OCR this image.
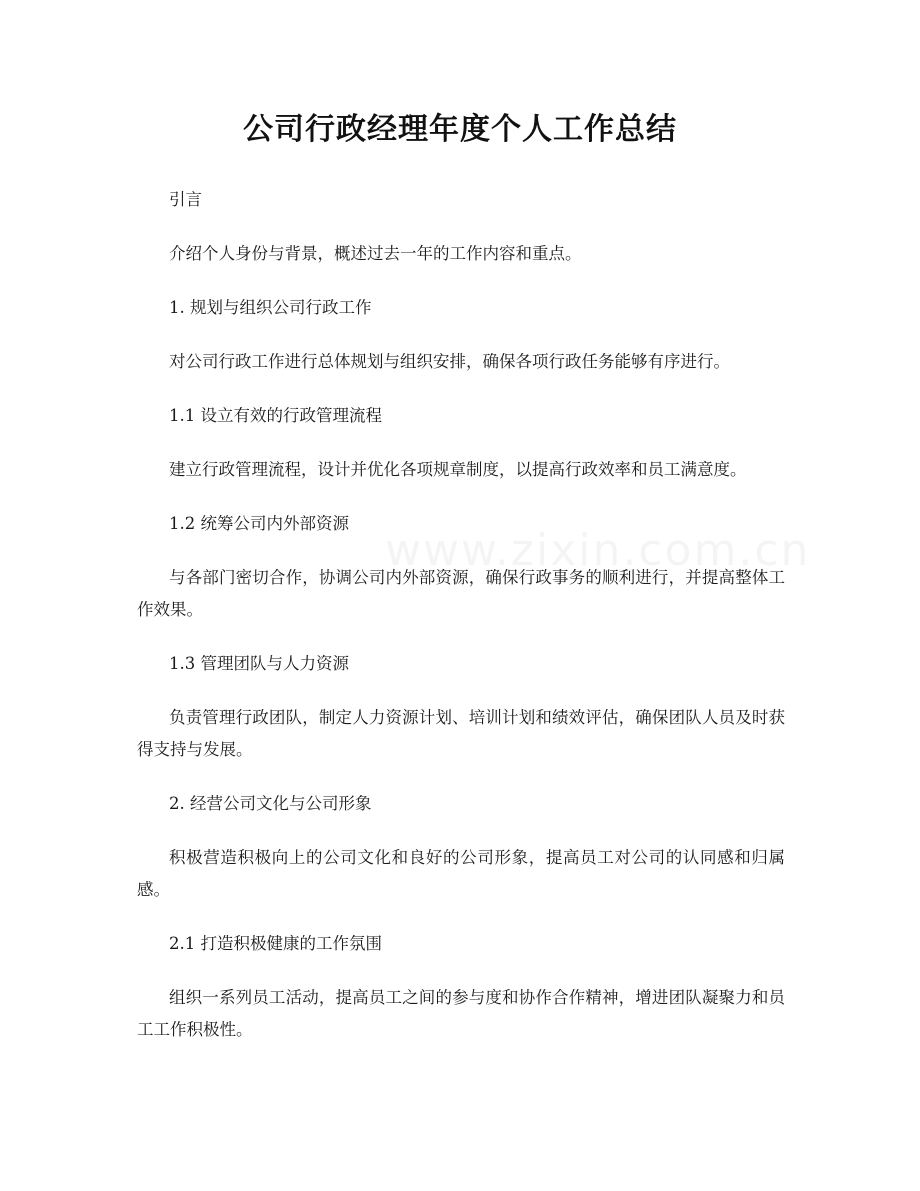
公司行政经理年度个人工作总结

引言

介绍个人身份与背景，概述过去一年的工作内容和重点。

1. 规划与组织公司行政工作

对公司行政工作进行总体规划与组织安排，确保各项行政任务能够有序进行。

1.1 设立有效的行政管理流程

建立行政管理流程，设计并优化各项规章制度，以提高行政效率和员工满意度。

1.2 统筹公司内外部资源

与各部门密切合作，协调公司内外部资源，确保行政事务的顺利进行，并提高整体工作效果。

1.3 管理团队与人力资源

负责管理行政团队，制定人力资源计划、培训计划和绩效评估，确保团队人员及时获得支持与发展。

2. 经营公司文化与公司形象

积极营造积极向上的公司文化和良好的公司形象，提高员工对公司的认同感和归属感。

2.1 打造积极健康的工作氛围

组织一系列员工活动，提高员工之间的参与度和协作合作精神，增进团队凝聚力和员工工作积极性。
